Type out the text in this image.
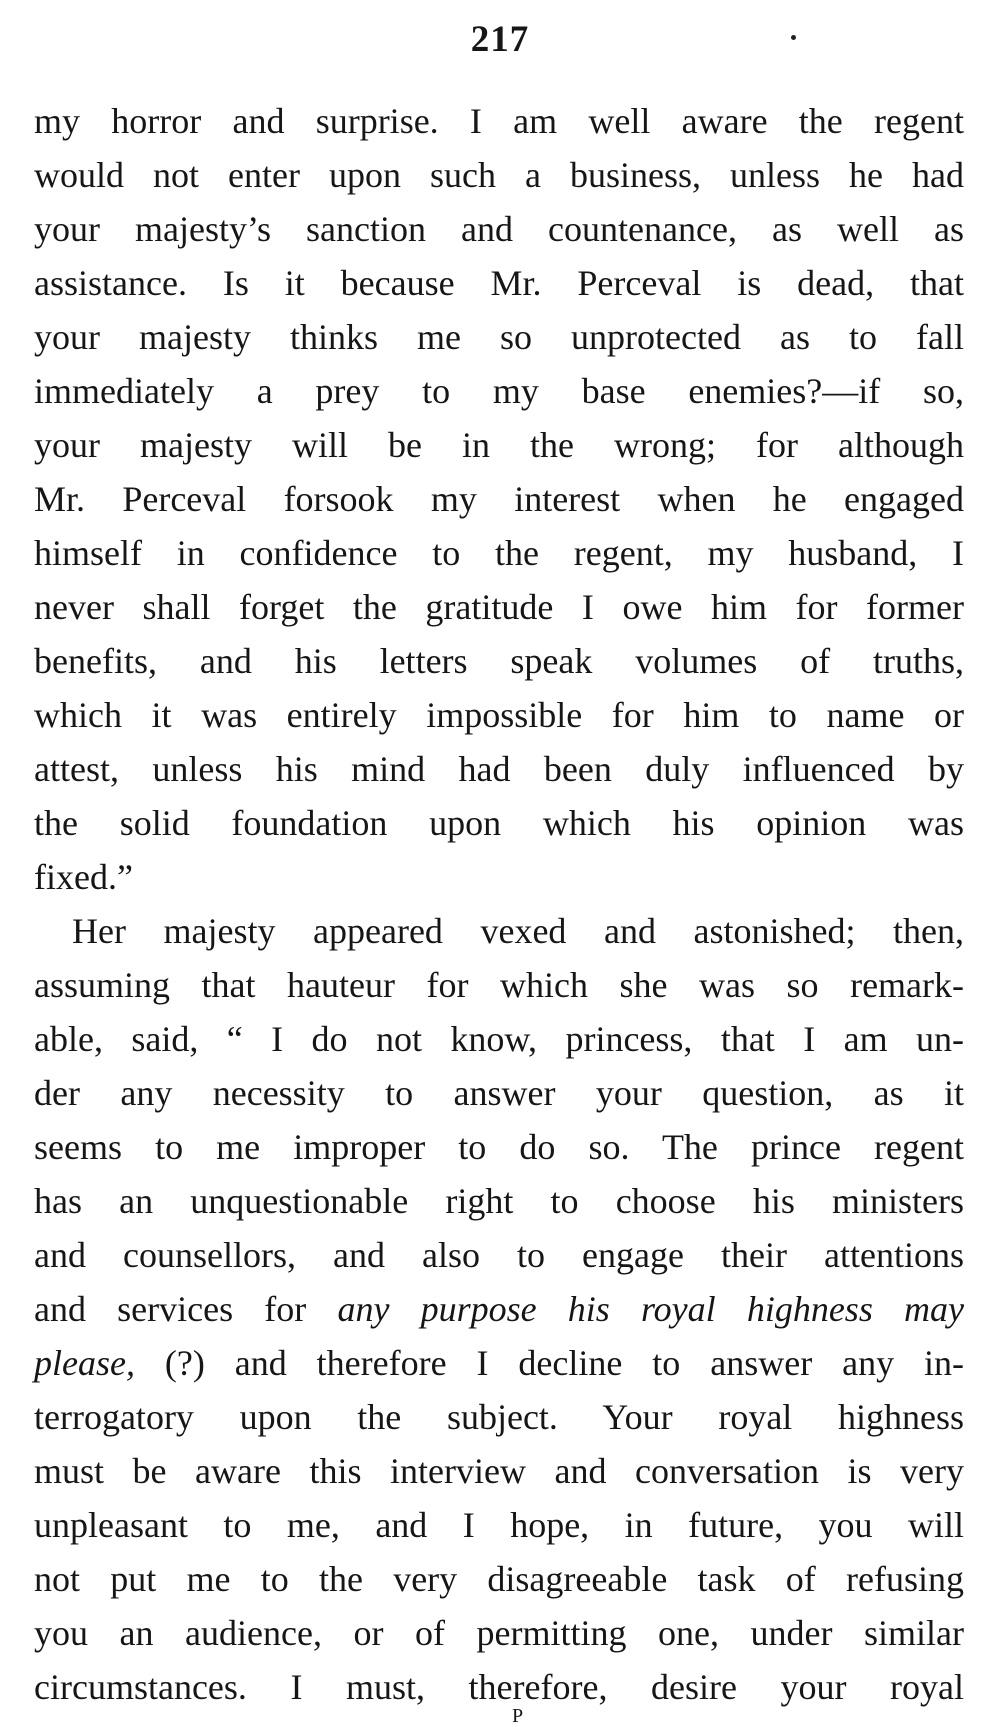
217
my horror and surprise. I am well aware the regent
would not enter upon such a business, unless he had
your majesty’s sanction and countenance, as well as
assistance. Is it because Mr. Perceval is dead, that
your majesty thinks me so unprotected as to fall
immediately a prey to my base enemies?—if so,
your majesty will be in the wrong; for although
Mr. Perceval forsook my interest when he engaged
himself in confidence to the regent, my husband, I
never shall forget the gratitude I owe him for former
benefits, and his letters speak volumes of truths,
which it was entirely impossible for him to name or
attest, unless his mind had been duly influenced by
the solid foundation upon which his opinion was
fixed.”
Her majesty appeared vexed and astonished; then,
assuming that hauteur for which she was so remark-
able, said, “ I do not know, princess, that I am un-
der any necessity to answer your question, as it
seems to me improper to do so. The prince regent
has an unquestionable right to choose his ministers
and counsellors, and also to engage their attentions
and services for any purpose his royal highness may
please, (?) and therefore I decline to answer any in-
terrogatory upon the subject. Your royal highness
must be aware this interview and conversation is very
unpleasant to me, and I hope, in future, you will
not put me to the very disagreeable task of refusing
you an audience, or of permitting one, under similar
circumstances. I must, therefore, desire your royal
P
